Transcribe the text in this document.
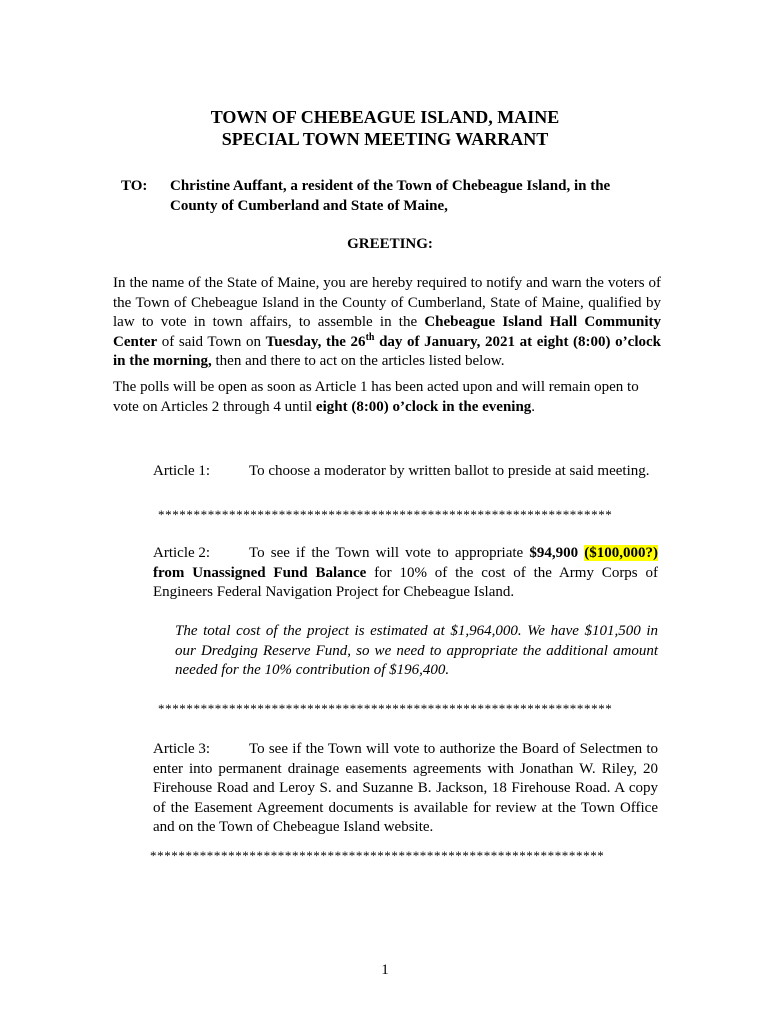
TOWN OF CHEBEAGUE ISLAND, MAINE
SPECIAL TOWN MEETING WARRANT
TO: Christine Auffant, a resident of the Town of Chebeague Island, in the County of Cumberland and State of Maine,
GREETING:
In the name of the State of Maine, you are hereby required to notify and warn the voters of the Town of Chebeague Island in the County of Cumberland, State of Maine, qualified by law to vote in town affairs, to assemble in the Chebeague Island Hall Community Center of said Town on Tuesday, the 26th day of January, 2021 at eight (8:00) o’clock in the morning, then and there to act on the articles listed below.
The polls will be open as soon as Article 1 has been acted upon and will remain open to vote on Articles 2 through 4 until eight (8:00) o’clock in the evening.
Article 1:	To choose a moderator by written ballot to preside at said meeting.
****************************************************************
Article 2:	To see if the Town will vote to appropriate $94,900 ($100,000?) from Unassigned Fund Balance for 10% of the cost of the Army Corps of Engineers Federal Navigation Project for Chebeague Island.
The total cost of the project is estimated at $1,964,000. We have $101,500 in our Dredging Reserve Fund, so we need to appropriate the additional amount needed for the 10% contribution of $196,400.
****************************************************************
Article 3:	To see if the Town will vote to authorize the Board of Selectmen to enter into permanent drainage easements agreements with Jonathan W. Riley, 20 Firehouse Road and Leroy S. and Suzanne B. Jackson, 18 Firehouse Road. A copy of the Easement Agreement documents is available for review at the Town Office and on the Town of Chebeague Island website.
****************************************************************
1
